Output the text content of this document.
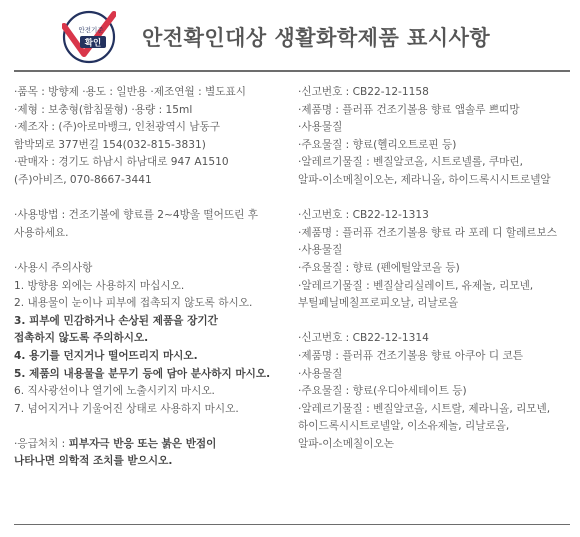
안전기준
확인 안전확인대상 생활화학제품 표시사항
·품목 : 방향제 ·용도 : 일반용 ·제조연월 : 별도표시
·제형 : 보충형(함침물형) ·용량 : 15ml
·제조자 : (주)아로마뱅크, 인천광역시 남동구
함박뫼로 377번길 154(032-815-3831)
·판매자 : 경기도 하남시 하남대로 947 A1510
(주)아비즈, 070-8667-3441
·사용방법 : 건조기볼에 향료를 2~4방울 떨어뜨린 후
사용하세요.
·사용시 주의사항
1. 방향용 외에는 사용하지 마십시오.
2. 내용물이 눈이나 피부에 접촉되지 않도록 하시오.
3. 피부에 민감하거나 손상된 제품을 장기간
접촉하지 않도록 주의하시오.
4. 용기를 던지거나 떨어뜨리지 마시오.
5. 제품의 내용물을 분무기 등에 담아 분사하지 마시오.
6. 직사광선이나 열기에 노출시키지 마시오.
7. 넘어지거나 기울어진 상태로 사용하지 마시오.
·응급처치 : 피부자극 반응 또는 붉은 반점이
나타나면 의학적 조치를 받으시오.
·신고번호 : CB22-12-1158
·제품명 : 플러퓨 건조기볼용 향료 앱솔루 쁘띠망
·사용물질
·주요물질 : 향료(헬리오트로핀 등)
·알레르기물질 : 벤질알코올, 시트로넬롤, 쿠마린,
알파-이소메칠이오논, 제라니올, 하이드록시시트로넬알
·신고번호 : CB22-12-1313
·제품명 : 플러퓨 건조기볼용 향료 라 포레 디 할레르보스
·사용물질
·주요물질 : 향료 (펜에틸알코올 등)
·알레르기물질 : 벤질살리실레이트, 유제놀, 리모넨,
부틸페닐메칠프로피오날, 리날로올
·신고번호 : CB22-12-1314
·제품명 : 플러퓨 건조기볼용 향료 아쿠아 디 코튼
·사용물질
·주요물질 : 향료(우디아세테이트 등)
·알레르기물질 : 벤질알코올, 시트랄, 제라니올, 리모넨,
하이드록시시트로넬알, 이소유제놀, 리날로올,
알파-이소메칠이오논
